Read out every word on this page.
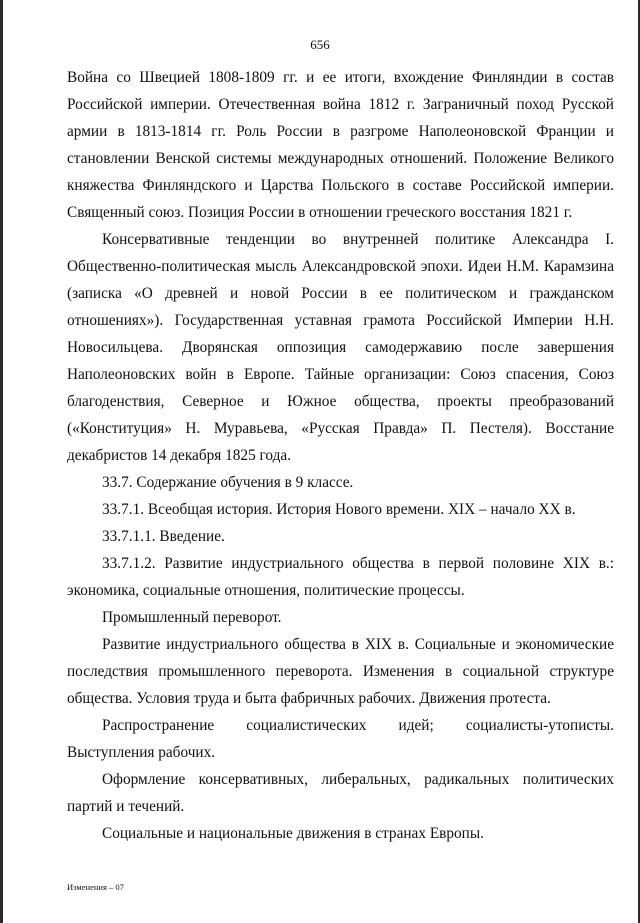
656

Война со Швецией 1808-1809 гг. и ее итоги, вхождение Финляндии в состав Российской империи. Отечественная война 1812 г. Заграничный поход Русской армии в 1813-1814 гг. Роль России в разгроме Наполеоновской Франции и становлении Венской системы международных отношений. Положение Великого княжества Финляндского и Царства Польского в составе Российской империи. Священный союз. Позиция России в отношении греческого восстания 1821 г.

Консервативные тенденции во внутренней политике Александра I. Общественно-политическая мысль Александровской эпохи. Идеи Н.М. Карамзина (записка «О древней и новой России в ее политическом и гражданском отношениях»). Государственная уставная грамота Российской Империи Н.Н. Новосильцева. Дворянская оппозиция самодержавию после завершения Наполеоновских войн в Европе. Тайные организации: Союз спасения, Союз благоденствия, Северное и Южное общества, проекты преобразований («Конституция» Н. Муравьева, «Русская Правда» П. Пестеля). Восстание декабристов 14 декабря 1825 года.

33.7. Содержание обучения в 9 классе.

33.7.1. Всеобщая история. История Нового времени. XIX – начало XX в.

33.7.1.1. Введение.

33.7.1.2. Развитие индустриального общества в первой половине XIX в.: экономика, социальные отношения, политические процессы.

Промышленный переворот.

Развитие индустриального общества в XIX в. Социальные и экономические последствия промышленного переворота. Изменения в социальной структуре общества. Условия труда и быта фабричных рабочих. Движения протеста.

Распространение социалистических идей; социалисты-утописты. Выступления рабочих.

Оформление консервативных, либеральных, радикальных политических партий и течений.

Социальные и национальные движения в странах Европы.

Изменения – 07
